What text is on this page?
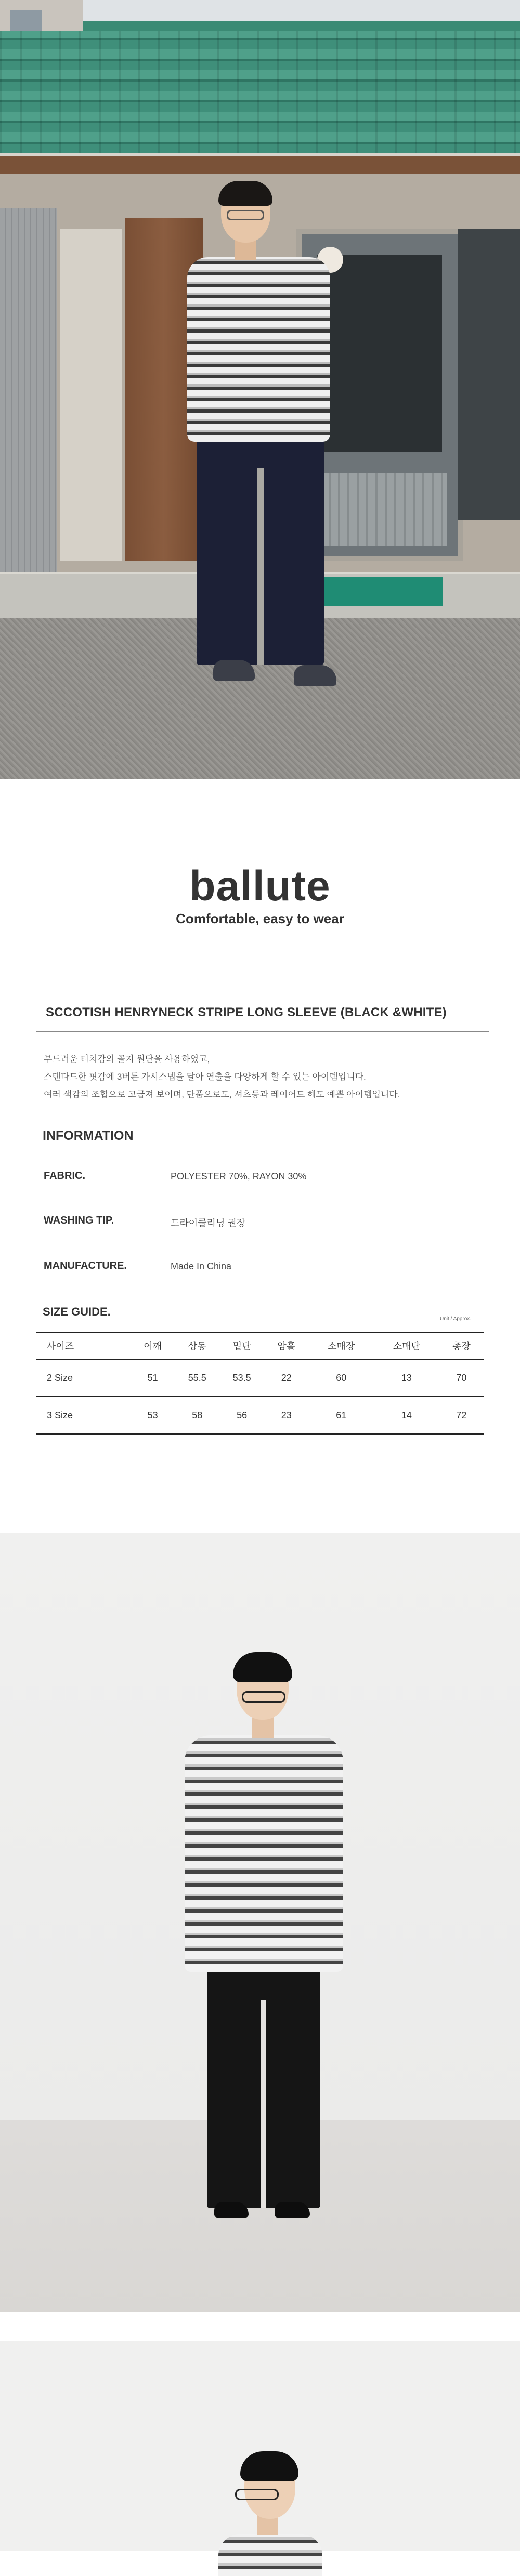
ballute
Comfortable, easy to wear
SCCOTISH HENRYNECK STRIPE LONG SLEEVE (BLACK &WHITE)
부드러운 터치감의 골지 원단을 사용하였고,
스탠다드한 핏감에 3버튼 가시스넵을 달아 연출을 다양하게 할 수 있는 아이템입니다.
여러 색감의 조합으로 고급져 보이며, 단품으로도, 셔츠등과 레이어드 해도 예쁜 아이템입니다.
INFORMATION
FABRIC.	POLYESTER 70%, RAYON 30%
WASHING TIP.	드라이클리닝 권장
MANUFACTURE.	Made In China
SIZE GUIDE.
Unit / Approx.
사이즈	어깨	상동	밑단	암홀	소매장	소매단	총장
2 Size	51	55.5	53.5	22	60	13	70
3 Size	53	58	56	23	61	14	72
